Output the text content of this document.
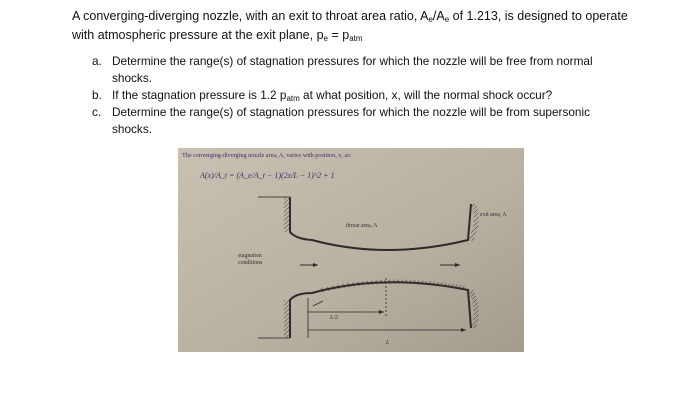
A converging-diverging nozzle, with an exit to throat area ratio, $A_e/A_e$ of 1.213, is designed to operate with atmospheric pressure at the exit plane, $p_e = p_{atm}$
a. Determine the range(s) of stagnation pressures for which the nozzle will be free from normal shocks.
b. If the stagnation pressure is 1.2 $p_{atm}$ at what position, x, will the normal shock occur?
c. Determine the range(s) of stagnation pressures for which the nozzle will be from supersonic shocks.
The converging-diverging nozzle area, A, varies with position, x, as:
A(x)/A_t = (A_e/A_t − 1)(2x/L − 1)^2 + 1
throat area, A
exit area, A
stagnation
conditions
L/2
L
